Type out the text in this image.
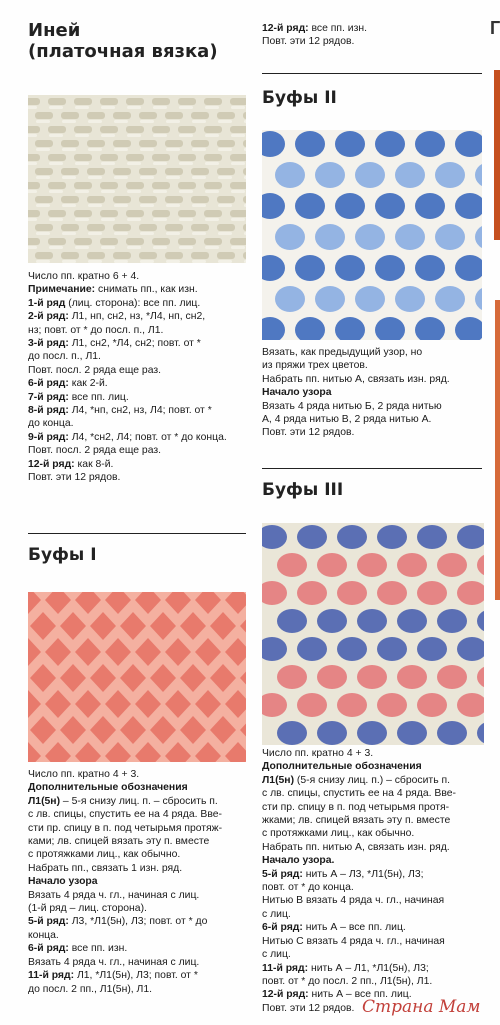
Иней
(платочная вязка)

Число пп. кратно 6 + 4.

Примечание: снимать пп., как изн.

1-й ряд (лиц. сторона): все пп. лиц.

2-й ряд: Л1, нп, сн2, нз, *Л4, нп, сн2,

нз; повт. от * до посл. п., Л1.

3-й ряд: Л1, сн2, *Л4, сн2; повт. от *

до посл. п., Л1.

Повт. посл. 2 ряда еще раз.

6-й ряд: как 2-й.

7-й ряд: все пп. лиц.

8-й ряд: Л4, *нп, сн2, нз, Л4; повт. от *

до конца.

9-й ряд: Л4, *сн2, Л4; повт. от * до конца.

Повт. посл. 2 ряда еще раз.

12-й ряд: как 8-й.

Повт. эти 12 рядов.

Буфы I

Число пп. кратно 4 + 3.

Дополнительные обозначения

Л1(5н) – 5-я снизу лиц. п. – сбросить п.

с лв. спицы, спустить ее на 4 ряда. Вве-

сти пр. спицу в п. под четырьмя протяж-

ками; лв. спицей вязать эту п. вместе

с протяжками лиц., как обычно.

Набрать пп., связать 1 изн. ряд.

Начало узора

Вязать 4 ряда ч. гл., начиная с лиц.

(1-й ряд – лиц. сторона).

5-й ряд: Л3, *Л1(5н), Л3; повт. от * до

конца.

6-й ряд: все пп. изн.

Вязать 4 ряда ч. гл., начиная с лиц.

11-й ряд: Л1, *Л1(5н), Л3; повт. от *

до посл. 2 пп., Л1(5н), Л1.

12-й ряд: все пп. изн.

Повт. эти 12 рядов.

Буфы II

Вязать, как предыдущий узор, но

из пряжи трех цветов.

Набрать пп. нитью А, связать изн. ряд.

Начало узора

Вязать 4 ряда нитью Б, 2 ряда нитью

А, 4 ряда нитью В, 2 ряда нитью А.

Повт. эти 12 рядов.

Буфы III

Число пп. кратно 4 + 3.

Дополнительные обозначения

Л1(5н) (5-я снизу лиц. п.) – сбросить п.

с лв. спицы, спустить ее на 4 ряда. Вве-

сти пр. спицу в п. под четырьмя протя-

жками; лв. спицей вязать эту п. вместе

с протяжками лиц., как обычно.

Набрать пп. нитью А, связать изн. ряд.

Начало узора.

5-й ряд: нить А – Л3, *Л1(5н), Л3;

повт. от * до конца.

Нитью В вязать 4 ряда ч. гл., начиная

с лиц.

6-й ряд: нить А – все пп. лиц.

Нитью С вязать 4 ряда ч. гл., начиная

с лиц.

11-й ряд: нить А – Л1, *Л1(5н), Л3;

повт. от * до посл. 2 пп., Л1(5н), Л1.

12-й ряд: нить А – все пп. лиц.

Повт. эти 12 рядов.

Г
Страна Мам
